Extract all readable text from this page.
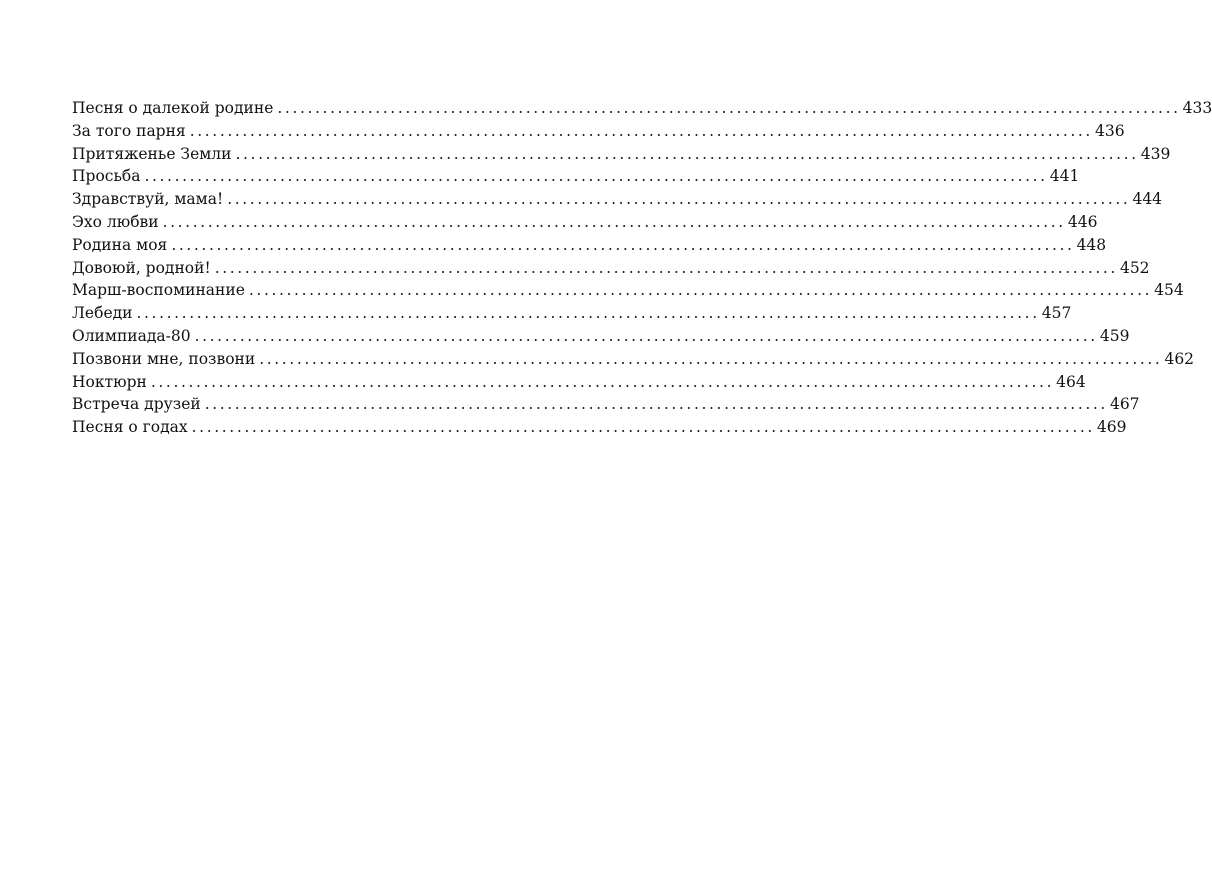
Песня о далекой родине ........................................................................................................................ 433
За того парня ........................................................................................................................ 436
Притяженье Земли ........................................................................................................................ 439
Просьба ........................................................................................................................ 441
Здравствуй, мама! ........................................................................................................................ 444
Эхо любви ........................................................................................................................ 446
Родина моя ........................................................................................................................ 448
Довоюй, родной! ........................................................................................................................ 452
Марш-воспоминание ........................................................................................................................ 454
Лебеди ........................................................................................................................ 457
Олимпиада-80 ........................................................................................................................ 459
Позвони мне, позвони ........................................................................................................................ 462
Ноктюрн ........................................................................................................................ 464
Встреча друзей ........................................................................................................................ 467
Песня о годах ........................................................................................................................ 469
